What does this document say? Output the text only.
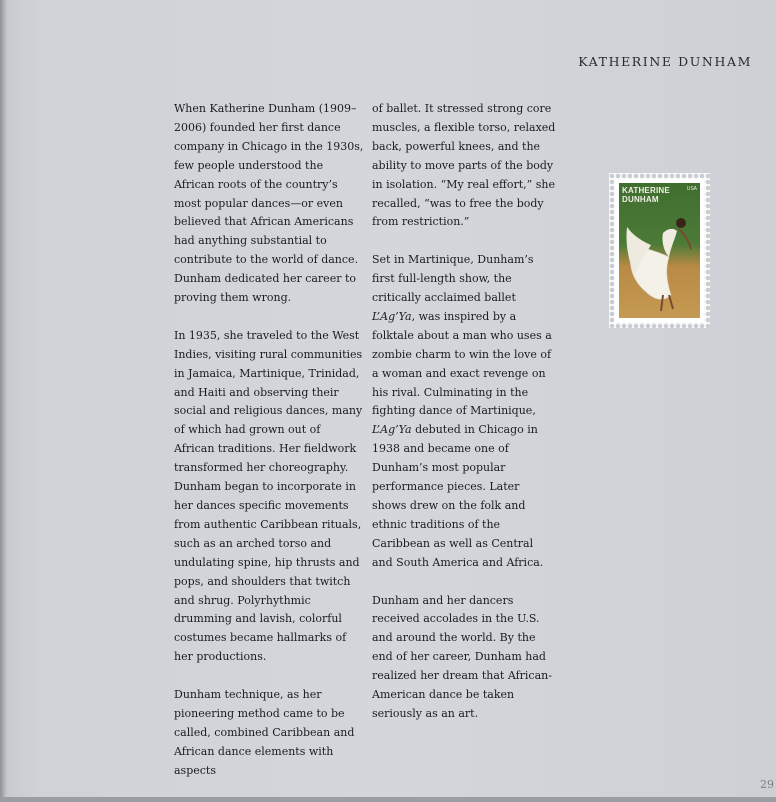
KATHERINE DUNHAM

When Katherine Dunham (1909–2006) founded her first dance company in Chicago in the 1930s, few people understood the African roots of the country’s most popular dances—or even believed that African Americans had anything substantial to contribute to the world of dance. Dunham dedicated her career to proving them wrong.

In 1935, she traveled to the West Indies, visiting rural communities in Jamaica, Martinique, Trinidad, and Haiti and observing their social and religious dances, many of which had grown out of African traditions. Her fieldwork transformed her choreography. Dunham began to incorporate in her dances specific movements from authentic Caribbean rituals, such as an arched torso and undulating spine, hip thrusts and pops, and shoulders that twitch and shrug. Polyrhythmic drumming and lavish, colorful costumes became hallmarks of her productions.

Dunham technique, as her pioneering method came to be called, combined Caribbean and African dance elements with aspects

of ballet. It stressed strong core muscles, a flexible torso, relaxed back, powerful knees, and the ability to move parts of the body in isolation. “My real effort,” she recalled, “was to free the body from restriction.”

Set in Martinique, Dunham’s first full-length show, the critically acclaimed ballet L’Ag’Ya, was inspired by a folktale about a man who uses a zombie charm to win the love of a woman and exact revenge on his rival. Culminating in the fighting dance of Martinique, L’Ag’Ya debuted in Chicago in 1938 and became one of Dunham’s most popular performance pieces. Later shows drew on the folk and ethnic traditions of the Caribbean as well as Central and South America and Africa.

Dunham and her dancers received accolades in the U.S. and around the world. By the end of her career, Dunham had realized her dream that African-American dance be taken seriously as an art.

KATHERINE
DUNHAM
USA
29
